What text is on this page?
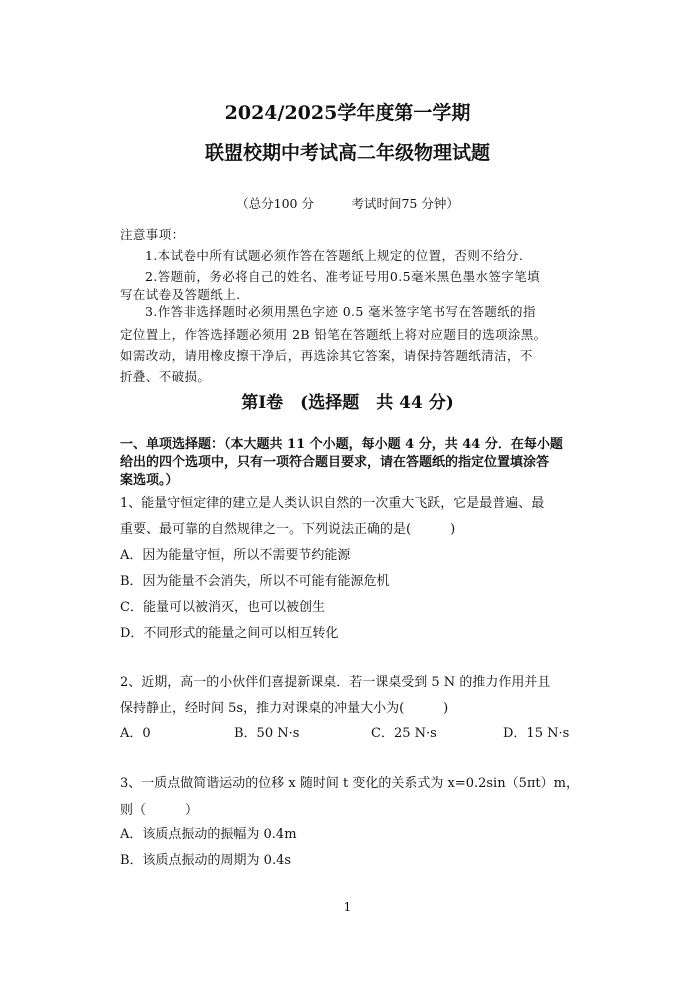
2024/2025学年度第一学期
联盟校期中考试高二年级物理试题
（总分100 分　　　考试时间75 分钟）
注意事项：
1.本试卷中所有试题必须作答在答题纸上规定的位置，否则不给分.
2.答题前，务必将自己的姓名、准考证号用0.5毫米黑色墨水签字笔填
写在试卷及答题纸上.
3.作答非选择题时必须用黑色字迹 0.5 毫米签字笔书写在答题纸的指
定位置上，作答选择题必须用 2B 铅笔在答题纸上将对应题目的选项涂黑。
如需改动，请用橡皮擦干净后，再选涂其它答案，请保持答题纸清洁，不
折叠、不破损。
第Ⅰ卷　(选择题　共 44 分)
一、单项选择题：（本大题共 11 个小题，每小题 4 分，共 44 分．在每小题
给出的四个选项中，只有一项符合题目要求，请在答题纸的指定位置填涂答
案选项。）
1、能量守恒定律的建立是人类认识自然的一次重大飞跃，它是最普遍、最
重要、最可靠的自然规律之一。下列说法正确的是(　　　)
A．因为能量守恒，所以不需要节约能源
B．因为能量不会消失，所以不可能有能源危机
C．能量可以被消灭，也可以被创生
D．不同形式的能量之间可以相互转化
2、近期，高一的小伙伴们喜提新课桌．若一课桌受到 5 N 的推力作用并且
保持静止，经时间 5s，推力对课桌的冲量大小为(　　　)
A．0	B．50 N·s	C．25 N·s	D．15 N·s
3、一质点做简谐运动的位移 x 随时间 t 变化的关系式为 x=0.2sin（5πt）m，
则（　　　）
A．该质点振动的振幅为 0.4m
B．该质点振动的周期为 0.4s
1
